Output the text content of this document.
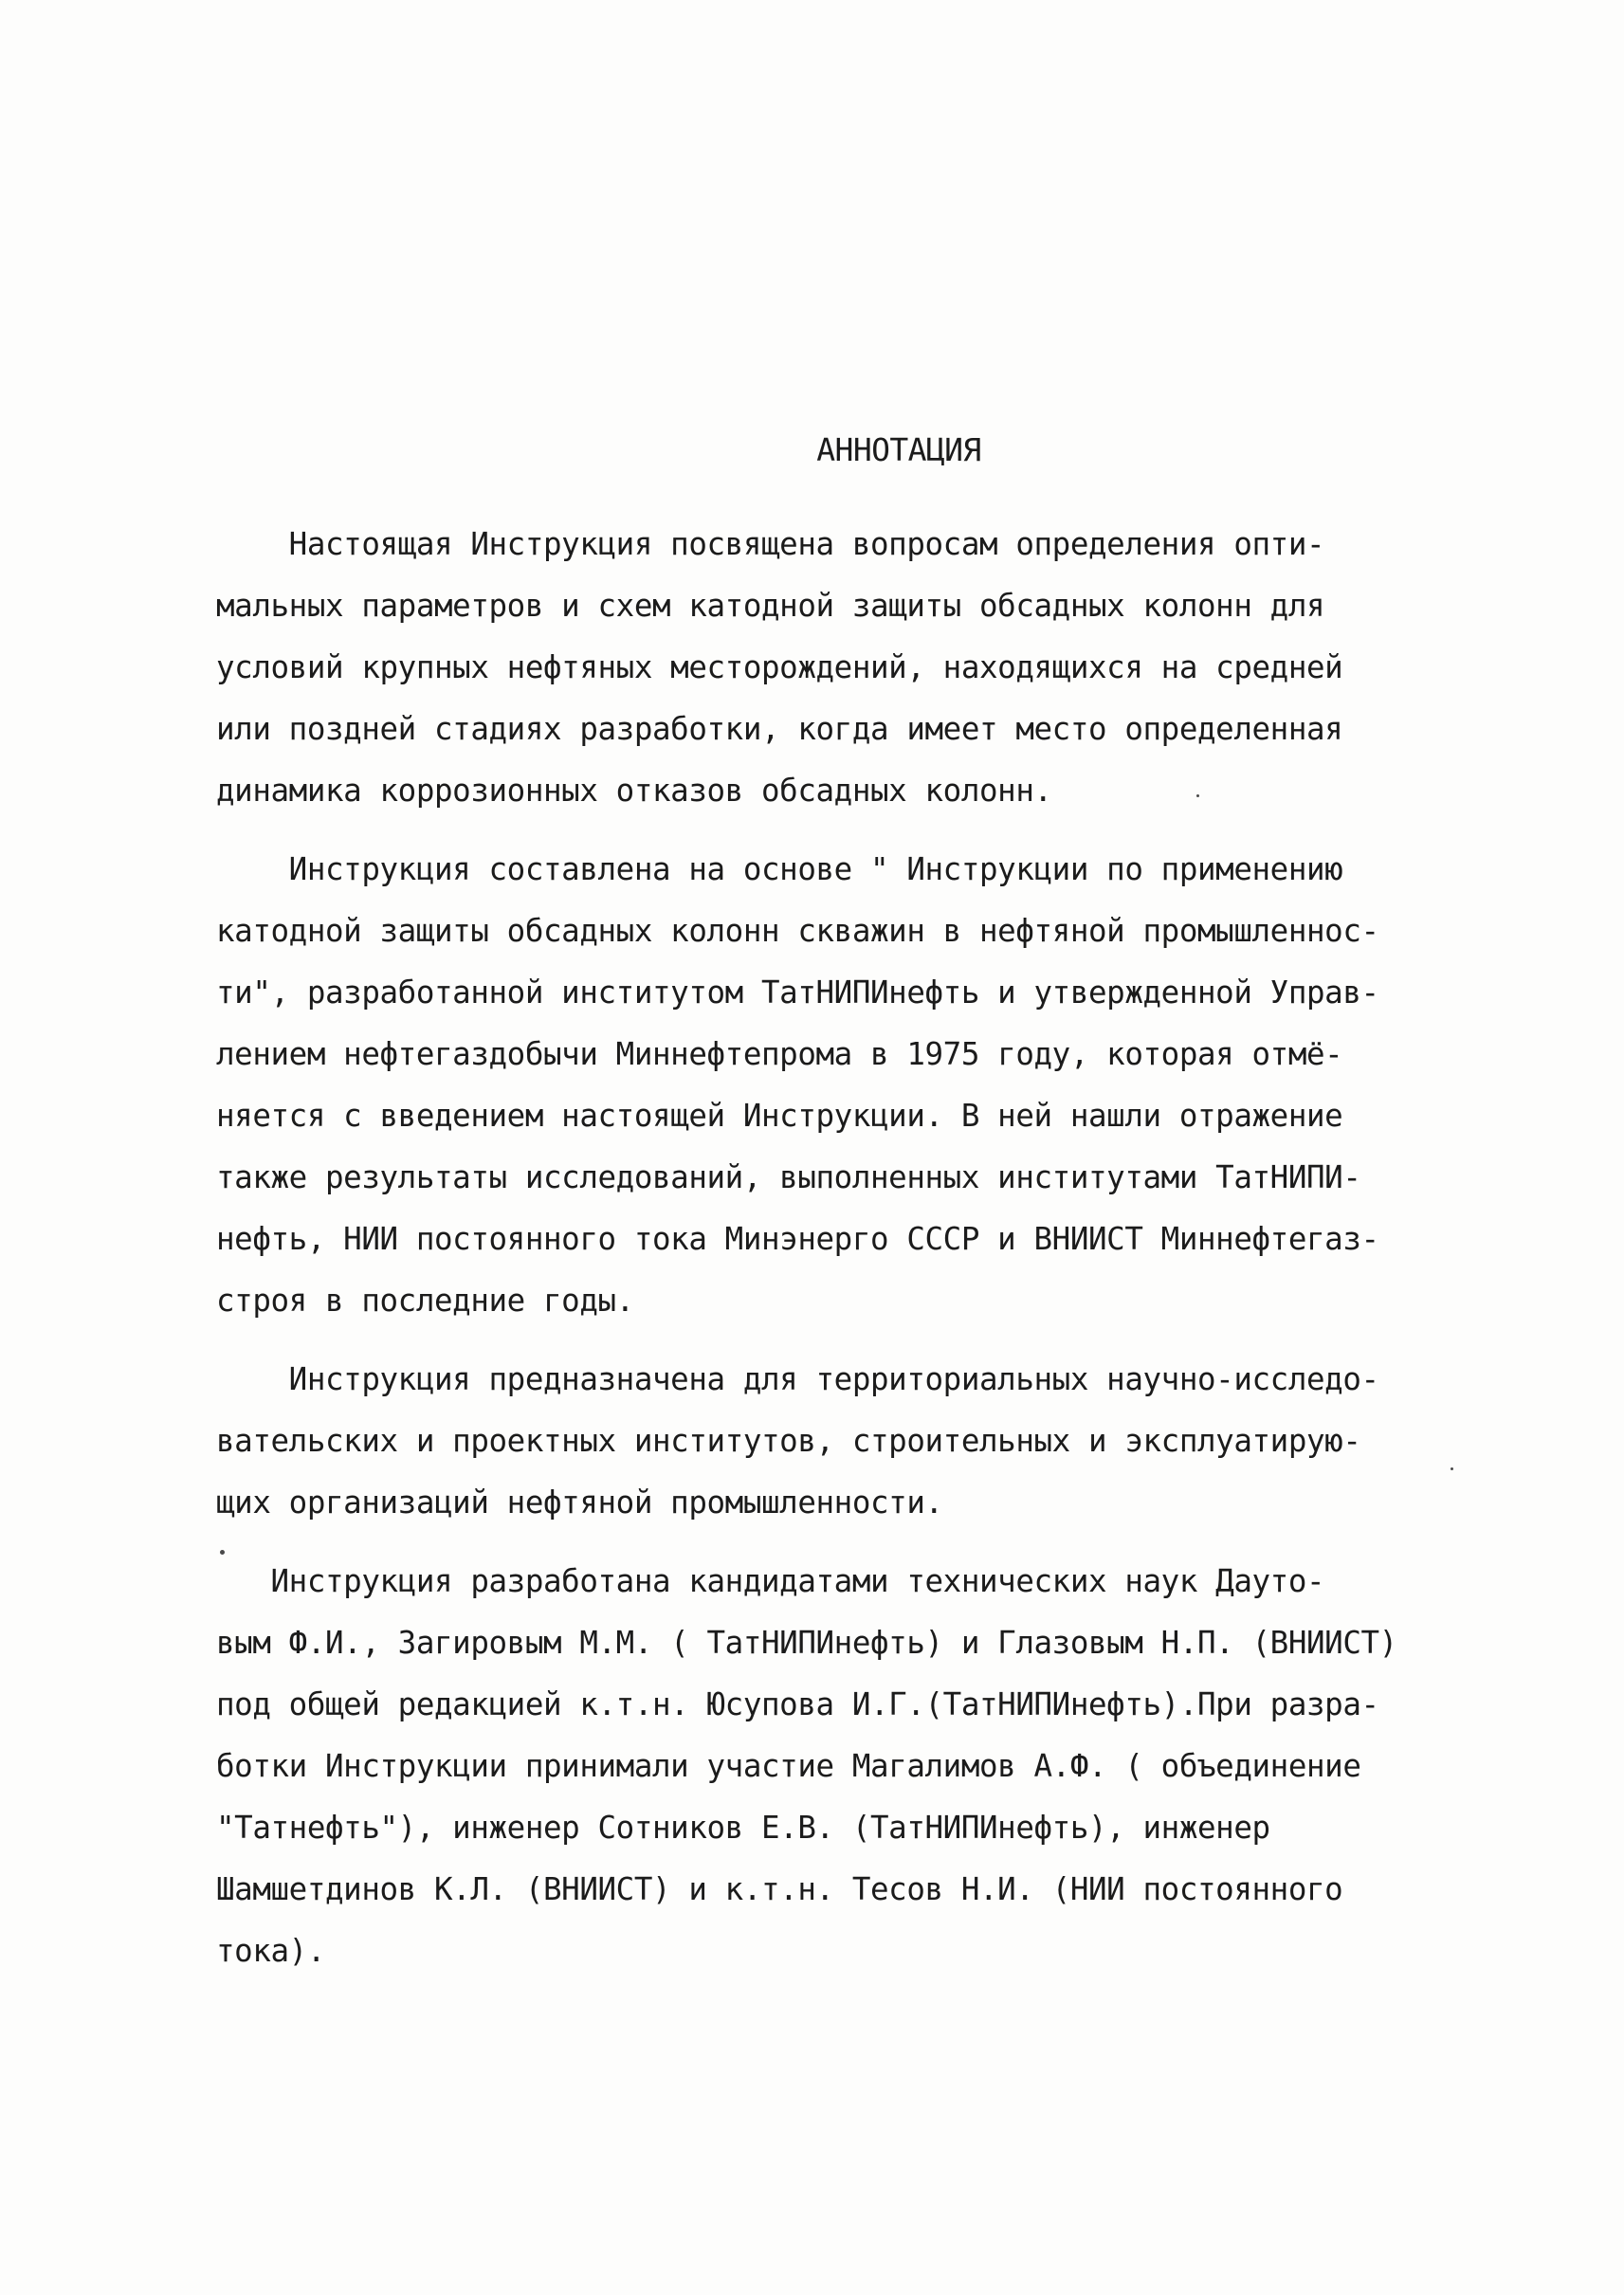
АННОТАЦИЯ

Настоящая Инструкция посвящена вопросам определения опти-
мальных параметров и схем катодной защиты обсадных колонн для
условий крупных нефтяных месторождений, находящихся на средней
или поздней стадиях разработки, когда имеет место определенная
динамика коррозионных отказов обсадных колонн.

Инструкция составлена на основе " Инструкции по применению
катодной защиты обсадных колонн скважин в нефтяной промышленнос-
ти", разработанной институтом ТатНИПИнефть и утвержденной Управ-
лением нефтегаздобычи Миннефтепрома в 1975 году, которая отмё-
няется с введением настоящей Инструкции. В ней нашли отражение
также результаты исследований, выполненных институтами ТатНИПИ-
нефть, НИИ постоянного тока Минэнерго СССР и ВНИИСТ Миннефтегаз-
строя в последние годы.

Инструкция предназначена для территориальных научно-исследо-
вательских и проектных институтов, строительных и эксплуатирую-
щих организаций нефтяной промышленности.

Инструкция разработана кандидатами технических наук Дауто-
вым Ф.И., Загировым М.М. ( ТатНИПИнефть) и Глазовым Н.П. (ВНИИСТ)
под общей редакцией к.т.н. Юсупова И.Г.(ТатНИПИнефть).При разра-
ботки Инструкции принимали участие Магалимов А.Ф. ( объединение
"Татнефть"), инженер Сотников Е.В. (ТатНИПИнефть), инженер
Шамшетдинов К.Л. (ВНИИСТ) и к.т.н. Тесов Н.И. (НИИ постоянного
тока).
